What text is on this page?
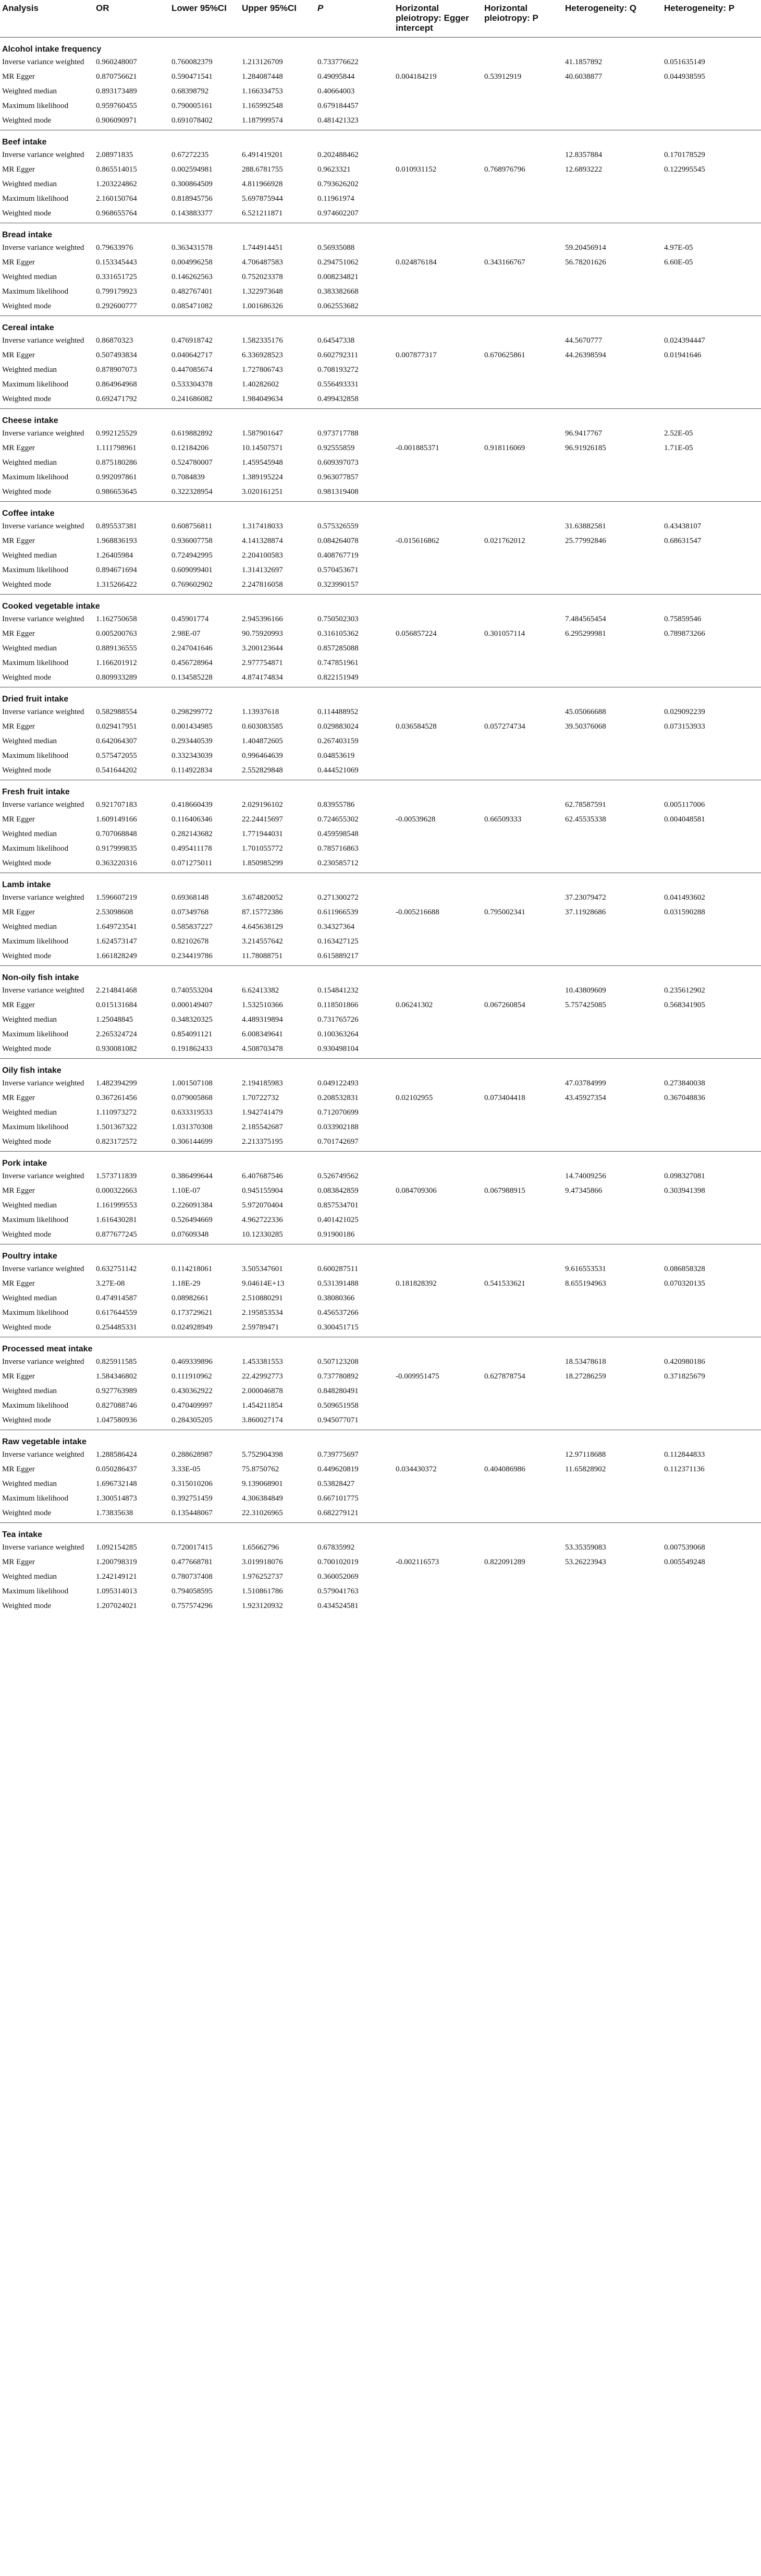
Analysis	OR	Lower 95%CI	Upper 95%CI	P	Horizontal pleiotropy: Egger intercept	Horizontal pleiotropy: P	Heterogeneity: Q	Heterogeneity: P
Alcohol intake frequency								
Inverse variance weighted	0.960248007	0.760082379	1.213126709	0.733776622			41.1857892	0.051635149
MR Egger	0.870756621	0.590471541	1.284087448	0.49095844	0.004184219	0.53912919	40.6038877	0.044938595
Weighted median	0.893173489	0.68398792	1.166334753	0.40664003				
Maximum likelihood	0.959760455	0.790005161	1.165992548	0.679184457				
Weighted mode	0.906090971	0.691078402	1.187999574	0.481421323				
Beef intake								
Inverse variance weighted	2.08971835	0.67272235	6.491419201	0.202488462			12.8357884	0.170178529
MR Egger	0.865514015	0.002594981	288.6781755	0.9623321	0.010931152	0.768976796	12.6893222	0.122995545
Weighted median	1.203224862	0.300864509	4.811966928	0.793626202				
Maximum likelihood	2.160150764	0.818945756	5.697875944	0.11961974				
Weighted mode	0.968655764	0.143883377	6.521211871	0.974602207				
Bread intake								
Inverse variance weighted	0.79633976	0.363431578	1.744914451	0.56935088			59.20456914	4.97E-05
MR Egger	0.153345443	0.004996258	4.706487583	0.294751062	0.024876184	0.343166767	56.78201626	6.60E-05
Weighted median	0.331651725	0.146262563	0.752023378	0.008234821				
Maximum likelihood	0.799179923	0.482767401	1.322973648	0.383382668				
Weighted mode	0.292600777	0.085471082	1.001686326	0.062553682				
Cereal intake								
Inverse variance weighted	0.86870323	0.476918742	1.582335176	0.64547338			44.5670777	0.024394447
MR Egger	0.507493834	0.040642717	6.336928523	0.602792311	0.007877317	0.670625861	44.26398594	0.01941646
Weighted median	0.878907073	0.447085674	1.727806743	0.708193272				
Maximum likelihood	0.864964968	0.533304378	1.40282602	0.556493331				
Weighted mode	0.692471792	0.241686082	1.984049634	0.499432858				
Cheese intake								
Inverse variance weighted	0.992125529	0.619882892	1.587901647	0.973717788			96.9417767	2.52E-05
MR Egger	1.111798961	0.12184206	10.14507571	0.92555859	-0.001885371	0.918116069	96.91926185	1.71E-05
Weighted median	0.875180286	0.524780007	1.459545948	0.609397073				
Maximum likelihood	0.992097861	0.7084839	1.389195224	0.963077857				
Weighted mode	0.986653645	0.322328954	3.020161251	0.981319408				
Coffee intake								
Inverse variance weighted	0.895537381	0.608756811	1.317418033	0.575326559			31.63882581	0.43438107
MR Egger	1.968836193	0.936007758	4.141328874	0.084264078	-0.015616862	0.021762012	25.77992846	0.68631547
Weighted median	1.26405984	0.724942995	2.204100583	0.408767719				
Maximum likelihood	0.894671694	0.609099401	1.314132697	0.570453671				
Weighted mode	1.315266422	0.769602902	2.247816058	0.323990157				
Cooked vegetable intake								
Inverse variance weighted	1.162750658	0.45901774	2.945396166	0.750502303			7.484565454	0.75859546
MR Egger	0.005200763	2.98E-07	90.75920993	0.316105362	0.056857224	0.301057114	6.295299981	0.789873266
Weighted median	0.889136555	0.247041646	3.200123644	0.857285088				
Maximum likelihood	1.166201912	0.456728964	2.977754871	0.747851961				
Weighted mode	0.809933289	0.134585228	4.874174834	0.822151949				
Dried fruit intake								
Inverse variance weighted	0.582988554	0.298299772	1.13937618	0.114488952			45.05066688	0.029092239
MR Egger	0.029417951	0.001434985	0.603083585	0.029883024	0.036584528	0.057274734	39.50376068	0.073153933
Weighted median	0.642064307	0.293440539	1.404872605	0.267403159				
Maximum likelihood	0.575472055	0.332343039	0.996464639	0.04853619				
Weighted mode	0.541644202	0.114922834	2.552829848	0.444521069				
Fresh fruit intake								
Inverse variance weighted	0.921707183	0.418660439	2.029196102	0.83955786			62.78587591	0.005117006
MR Egger	1.609149166	0.116406346	22.24415697	0.724655302	-0.00539628	0.66509333	62.45535338	0.004048581
Weighted median	0.707068848	0.282143682	1.771944031	0.459598548				
Maximum likelihood	0.917999835	0.495411178	1.701055772	0.785716863				
Weighted mode	0.363220316	0.071275011	1.850985299	0.230585712				
Lamb intake								
Inverse variance weighted	1.596607219	0.69368148	3.674820052	0.271300272			37.23079472	0.041493602
MR Egger	2.53098608	0.07349768	87.15772386	0.611966539	-0.005216688	0.795002341	37.11928686	0.031590288
Weighted median	1.649723541	0.585837227	4.645638129	0.34327364				
Maximum likelihood	1.624573147	0.82102678	3.214557642	0.163427125				
Weighted mode	1.661828249	0.234419786	11.78088751	0.615889217				
Non-oily fish intake								
Inverse variance weighted	2.214841468	0.740553204	6.62413382	0.154841232			10.43809609	0.235612902
MR Egger	0.015131684	0.000149407	1.532510366	0.118501866	0.06241302	0.067260854	5.757425085	0.568341905
Weighted median	1.25048845	0.348320325	4.489319894	0.731765726				
Maximum likelihood	2.265324724	0.854091121	6.008349641	0.100363264				
Weighted mode	0.930081082	0.191862433	4.508703478	0.930498104				
Oily fish intake								
Inverse variance weighted	1.482394299	1.001507108	2.194185983	0.049122493			47.03784999	0.273840038
MR Egger	0.367261456	0.079005868	1.70722732	0.208532831	0.02102955	0.073404418	43.45927354	0.367048836
Weighted median	1.110973272	0.633319533	1.942741479	0.712070699				
Maximum likelihood	1.501367322	1.031370308	2.185542687	0.033902188				
Weighted mode	0.823172572	0.306144699	2.213375195	0.701742697				
Pork intake								
Inverse variance weighted	1.573711839	0.386499644	6.407687546	0.526749562			14.74009256	0.098327081
MR Egger	0.000322663	1.10E-07	0.945155904	0.083842859	0.084709306	0.067988915	9.47345866	0.303941398
Weighted median	1.161999553	0.226091384	5.972070404	0.857534701				
Maximum likelihood	1.616430281	0.526494669	4.962722336	0.401421025				
Weighted mode	0.877677245	0.07609348	10.12330285	0.91900186				
Poultry intake								
Inverse variance weighted	0.632751142	0.114218061	3.505347601	0.600287511			9.616553531	0.086858328
MR Egger	3.27E-08	1.18E-29	9.04614E+13	0.531391488	0.181828392	0.541533621	8.655194963	0.070320135
Weighted median	0.474914587	0.08982661	2.510880291	0.38080366				
Maximum likelihood	0.617644559	0.173729621	2.195853534	0.456537266				
Weighted mode	0.254485331	0.024928949	2.59789471	0.300451715				
Processed meat intake								
Inverse variance weighted	0.825911585	0.469339896	1.453381553	0.507123208			18.53478618	0.420980186
MR Egger	1.584346802	0.111910962	22.42992773	0.737780892	-0.009951475	0.627878754	18.27286259	0.371825679
Weighted median	0.927763989	0.430362922	2.000046878	0.848280491				
Maximum likelihood	0.827088746	0.470409997	1.454211854	0.509651958				
Weighted mode	1.047580936	0.284305205	3.860027174	0.945077071				
Raw vegetable intake								
Inverse variance weighted	1.288586424	0.288628987	5.752904398	0.739775697			12.97118688	0.112844833
MR Egger	0.050286437	3.33E-05	75.8750762	0.449620819	0.034430372	0.404086986	11.65828902	0.112371136
Weighted median	1.696732148	0.315010206	9.139068901	0.53828427				
Maximum likelihood	1.300514873	0.392751459	4.306384849	0.667101775				
Weighted mode	1.73835638	0.135448067	22.31026965	0.682279121				
Tea intake								
Inverse variance weighted	1.092154285	0.720017415	1.65662796	0.67835992			53.35359083	0.007539068
MR Egger	1.200798319	0.477668781	3.019918076	0.700102019	-0.002116573	0.822091289	53.26223943	0.005549248
Weighted median	1.242149121	0.780737408	1.976252737	0.360052069				
Maximum likelihood	1.095314013	0.794058595	1.510861786	0.579041763				
Weighted mode	1.207024021	0.757574296	1.923120932	0.434524581				
